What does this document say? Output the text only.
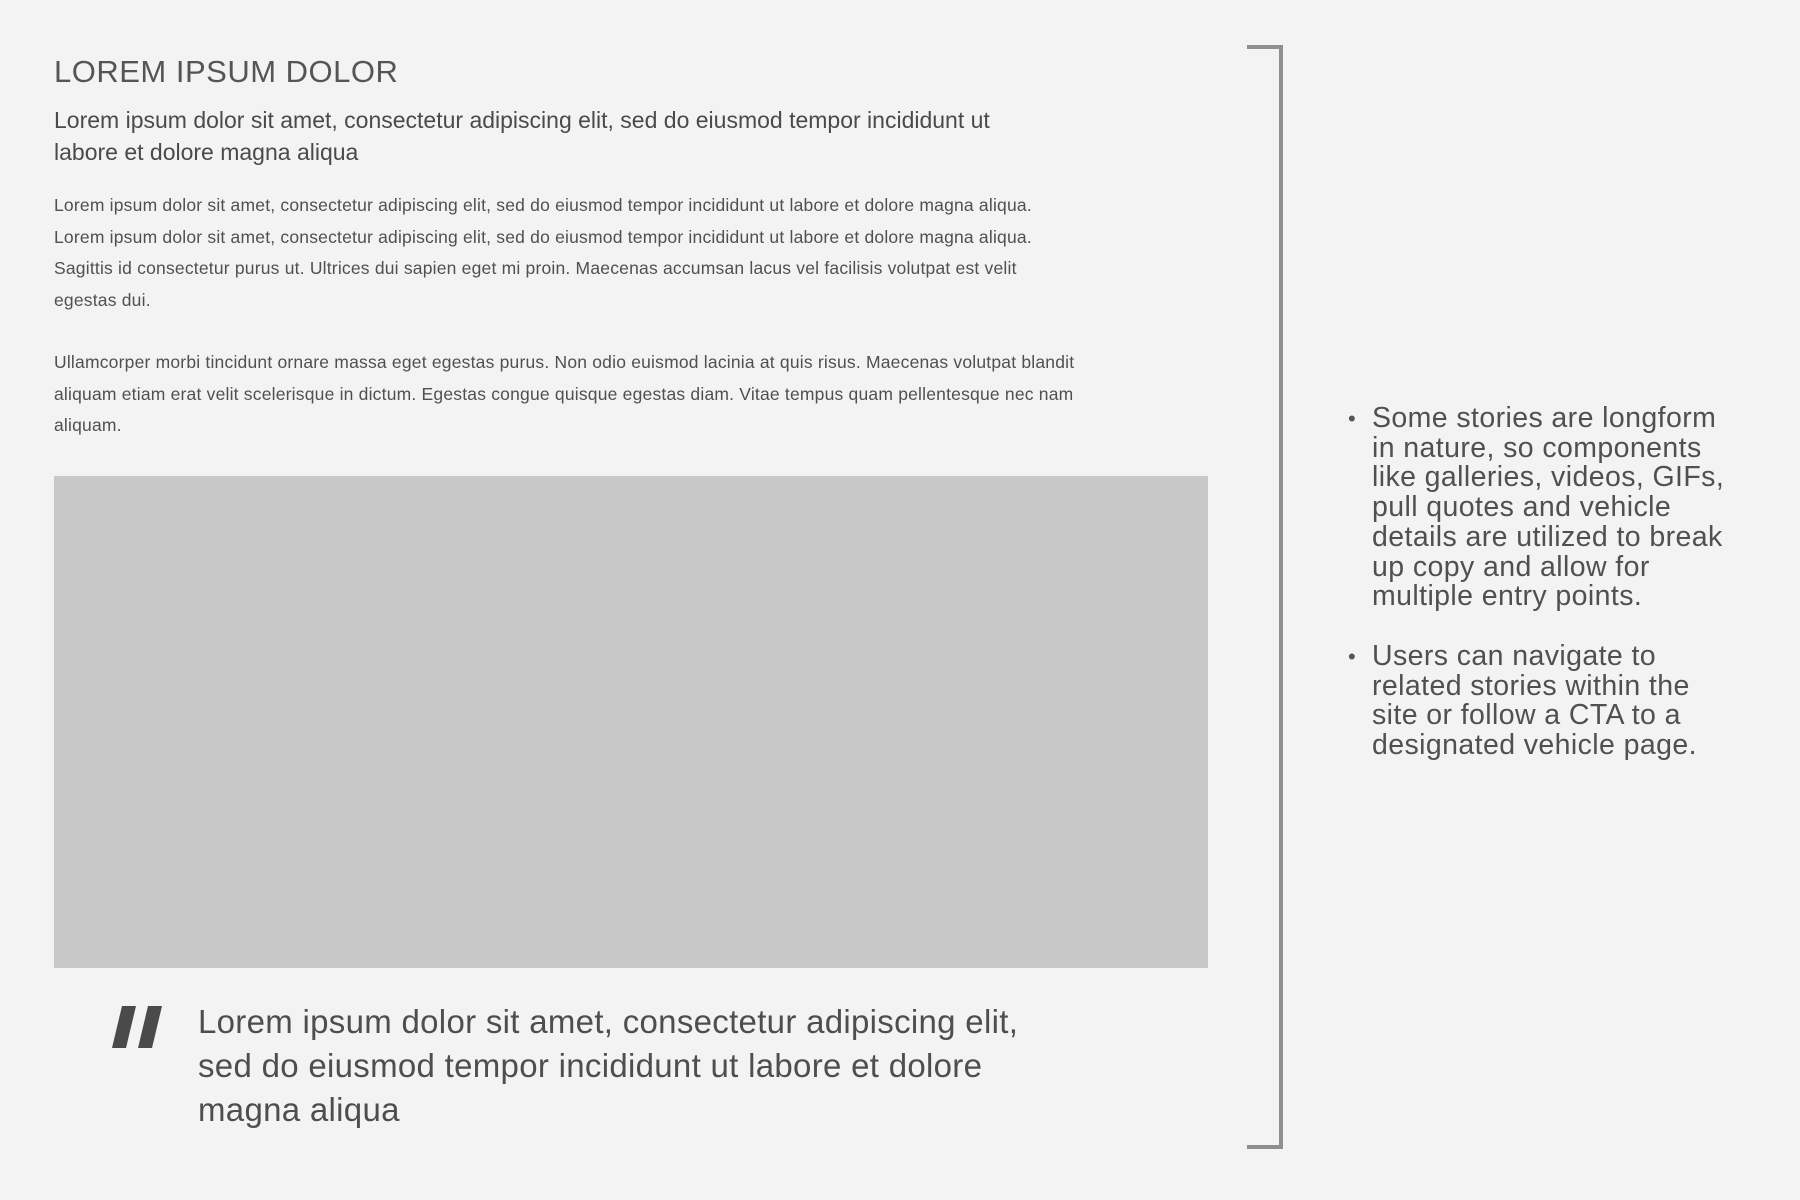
LOREM IPSUM DOLOR

Lorem ipsum dolor sit amet, consectetur adipiscing elit, sed do eiusmod tempor incididunt ut labore et dolore magna aliqua

Lorem ipsum dolor sit amet, consectetur adipiscing elit, sed do eiusmod tempor incididunt ut labore et dolore magna aliqua. Lorem ipsum dolor sit amet, consectetur adipiscing elit, sed do eiusmod tempor incididunt ut labore et dolore magna aliqua. Sagittis id consectetur purus ut. Ultrices dui sapien eget mi proin. Maecenas accumsan lacus vel facilisis volutpat est velit egestas dui.

Ullamcorper morbi tincidunt ornare massa eget egestas purus. Non odio euismod lacinia at quis risus. Maecenas volutpat blandit aliquam etiam erat velit scelerisque in dictum. Egestas congue quisque egestas diam. Vitae tempus quam pellentesque nec nam aliquam.

Lorem ipsum dolor sit amet, consectetur adipiscing elit, sed do eiusmod tempor incididunt ut labore et dolore magna aliqua
• Some stories are longform in nature, so components like galleries, videos, GIFs, pull quotes and vehicle details are utilized to break up copy and allow for multiple entry points.
• Users can navigate to related stories within the site or follow a CTA to a designated vehicle page.
